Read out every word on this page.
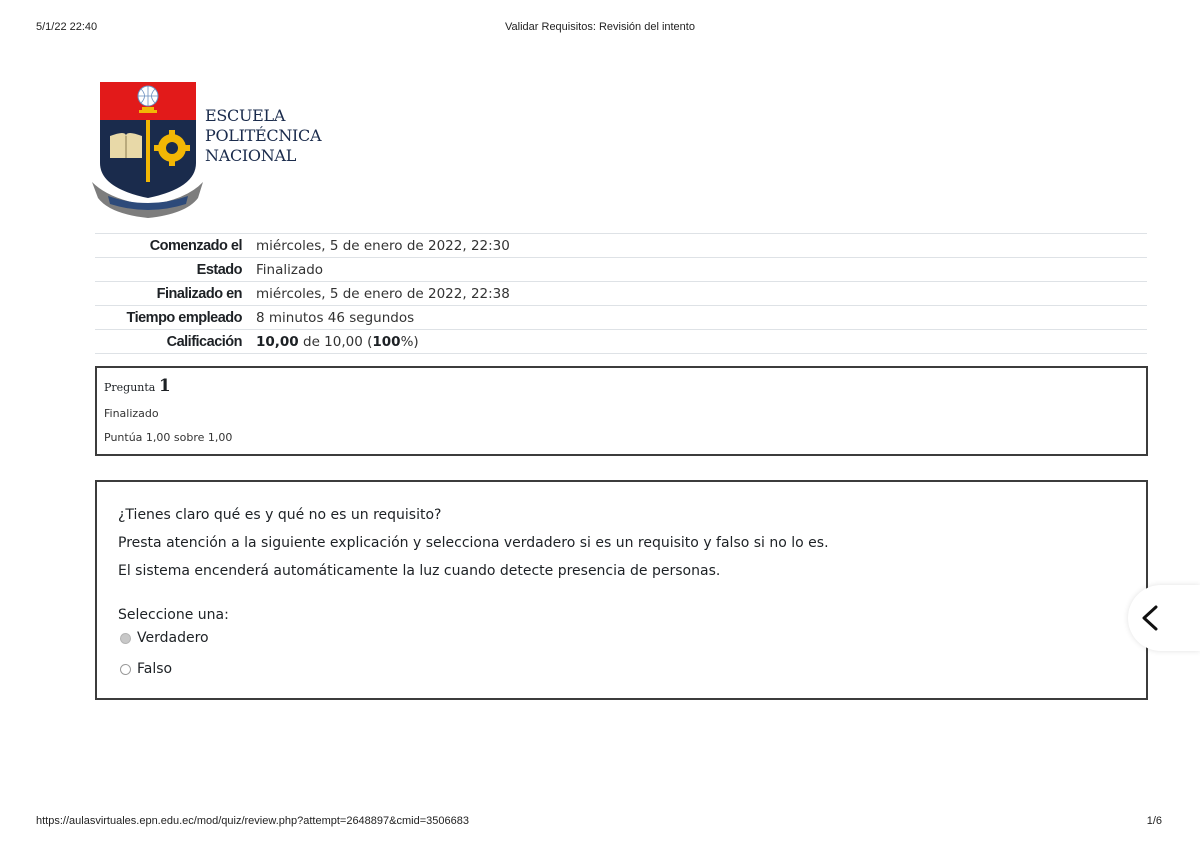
5/1/22 22:40	Validar Requisitos: Revisión del intento
ESCUELA
POLITÉCNICA
NACIONAL
Comenzado el	miércoles, 5 de enero de 2022, 22:30
Estado	Finalizado
Finalizado en	miércoles, 5 de enero de 2022, 22:38
Tiempo empleado	8 minutos 46 segundos
Calificación	10,00 de 10,00 (100%)
Pregunta 1
Finalizado
Puntúa 1,00 sobre 1,00

¿Tienes claro qué es y qué no es un requisito?

Presta atención a la siguiente explicación y selecciona verdadero si es un requisito y falso si no lo es.

El sistema encenderá automáticamente la luz cuando detecte presencia de personas.

Seleccione una:
Verdadero
Falso
https://aulasvirtuales.epn.edu.ec/mod/quiz/review.php?attempt=2648897&cmid=3506683	1/6
